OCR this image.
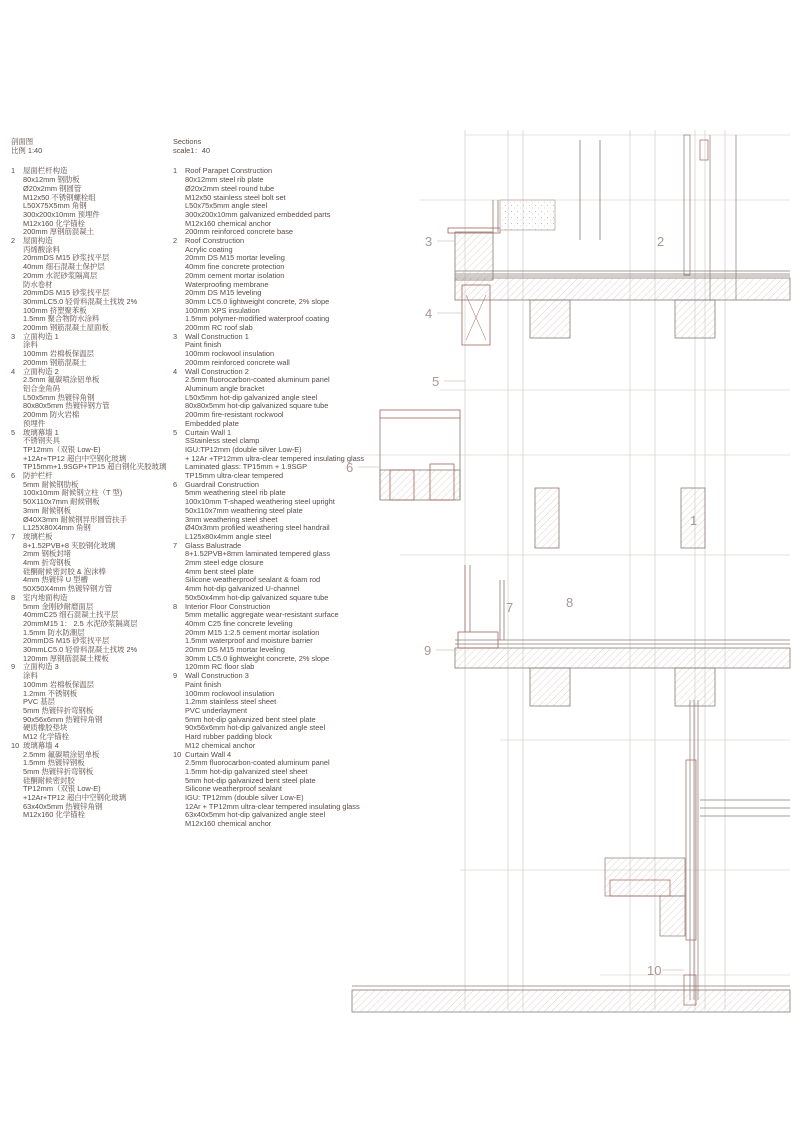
剖面图
比例 1:40
1	屋面栏杆构造
80x12mm 钢肋板
Ø20x2mm 钢圆管
M12x50 不锈钢螺栓组
L50X75X5mm 角钢
300x200x10mm 预埋件
M12x160 化学锚栓
200mm 厚钢筋混凝土
2	屋面构造
丙烯酸涂料
20mmDS M15 砂浆找平层
40mm 细石混凝土保护层
20mm 水泥砂浆隔离层
防水卷材
20mmDS M15 砂浆找平层
30mmLC5.0 轻骨料混凝土找坡 2%
100mm 挤塑聚苯板
1.5mm 聚合物防水涂料
200mm 钢筋混凝土屋面板
3	立面构造 1
涂料
100mm 岩棉板保温层
200mm 钢筋混凝土
4	立面构造 2
2.5mm 氟碳喷涂铝单板
铝合金角码
L50x5mm 热镀锌角钢
80x80x5mm 热镀锌钢方管
200mm 防火岩棉
预埋件
5	玻璃幕墙 1
不锈钢夹具
TP12mm（双银 Low-E)
+12Ar+TP12 超白中空钢化玻璃
TP15mm+1.9SGP+TP15 超白钢化夹胶玻璃
6	防护栏杆
5mm 耐候钢肋板
100x10mm 耐候钢立柱（T 型)
50X110x7mm 耐候钢板
3mm 耐候钢板
Ø40X3mm 耐候钢异形圆管扶手
L125X80X4mm 角钢
7	玻璃栏板
8+1.52PVB+8 夹胶钢化玻璃
2mm 钢板封堵
4mm 折弯钢板
硅酮耐候密封胶 & 泡沫棒
4mm 热镀锌 U 型槽
50X50X4mm 热镀锌钢方管
8	室内地面构造
5mm 金刚砂耐磨面层
40mmC25 细石混凝土找平层
20mmM15 1： 2.5 水泥砂浆隔离层
1.5mm 防水防潮层
20mmDS M15 砂浆找平层
30mmLC5.0 轻骨料混凝土找坡 2%
120mm 厚钢筋混凝土楼板
9	立面构造 3
涂料
100mm 岩棉板保温层
1.2mm 不锈钢板
PVC 基层
5mm 热镀锌折弯钢板
90x56x6mm 热镀锌角钢
硬质橡胶垫块
M12 化学锚栓
10 玻璃幕墙 4
2.5mm 氟碳喷涂铝单板
1.5mm 热镀锌钢板
5mm 热镀锌折弯钢板
硅酮耐候密封胶
TP12mm（双银 Low-E)
+12Ar+TP12 超白中空钢化玻璃
63x40x5mm 热镀锌角钢
M12x160 化学锚栓
Sections
scale1：40
1	Roof Parapet Construction
80x12mm steel rib plate
Ø20x2mm steel round tube
M12x50 stainless steel bolt set
L50x75x5mm angle steel
300x200x10mm galvanized embedded parts
M12x160 chemical anchor
200mm reinforced concrete base
2	Roof Construction
Acrylic coating
20mm DS M15 mortar leveling
40mm fine concrete protection
20mm cement mortar isolation
Waterproofing membrane
20mm DS M15 leveling
30mm LC5.0 lightweight concrete, 2% slope
100mm XPS insulation
1.5mm polymer-modified waterproof coating
200mm RC roof slab
3	Wall Construction 1
Paint finish
100mm rockwool insulation
200mm reinforced concrete wall
4	Wall Construction 2
2.5mm fluorocarbon-coated aluminum panel
Aluminum angle bracket
L50x5mm hot-dip galvanized angle steel
80x80x5mm hot-dip galvanized square tube
200mm fire-resistant rockwool
Embedded plate
5	Curtain Wall 1
SStainless steel clamp
IGU:TP12mm (double silver Low-E)
+ 12Ar +TP12mm ultra-clear tempered insulating glass
Laminated glass: TP15mm + 1.9SGP
TP15mm ultra-clear tempered
6	Guardrail Construction
5mm weathering steel rib plate
100x10mm T-shaped weathering steel upright
50x110x7mm weathering steel plate
3mm weathering steel sheet
Ø40x3mm profiled weathering steel handrail
L125x80x4mm angle steel
7	Glass Balustrade
8+1.52PVB+8mm laminated tempered glass
2mm steel edge closure
4mm bent steel plate
Silicone weatherproof sealant & foam rod
4mm hot-dip galvanized U-channel
50x50x4mm hot-dip galvanized square tube
8	Interior Floor Construction
5mm metallic aggregate wear-resistant surface
40mm C25 fine concrete leveling
20mm M15 1:2.5 cement mortar isolation
1.5mm waterproof and moisture barrier
20mm DS M15 mortar leveling
30mm LC5.0 lightweight concrete, 2% slope
120mm RC floor slab
9	Wall Construction 3
Paint finish
100mm rockwool insulation
1.2mm stainless steel sheet
PVC underlayment
5mm hot-dip galvanized bent steel plate
90x56x6mm hot-dip galvanized angle steel
Hard rubber padding block
M12 chemical anchor
10 Curtain Wall 4
2.5mm fluorocarbon-coated aluminum panel
1.5mm hot-dip galvanized steel sheet
5mm hot-dip galvanized bent steel plate
Silicone weatherproof sealant
IGU: TP12mm (double silver Low-E)
12Ar + TP12mm ultra-clear tempered insulating glass
63x40x5mm hot-dip galvanized angle steel
M12x160 chemical anchor
1
2
3
4
5
6
7	8
9
10
